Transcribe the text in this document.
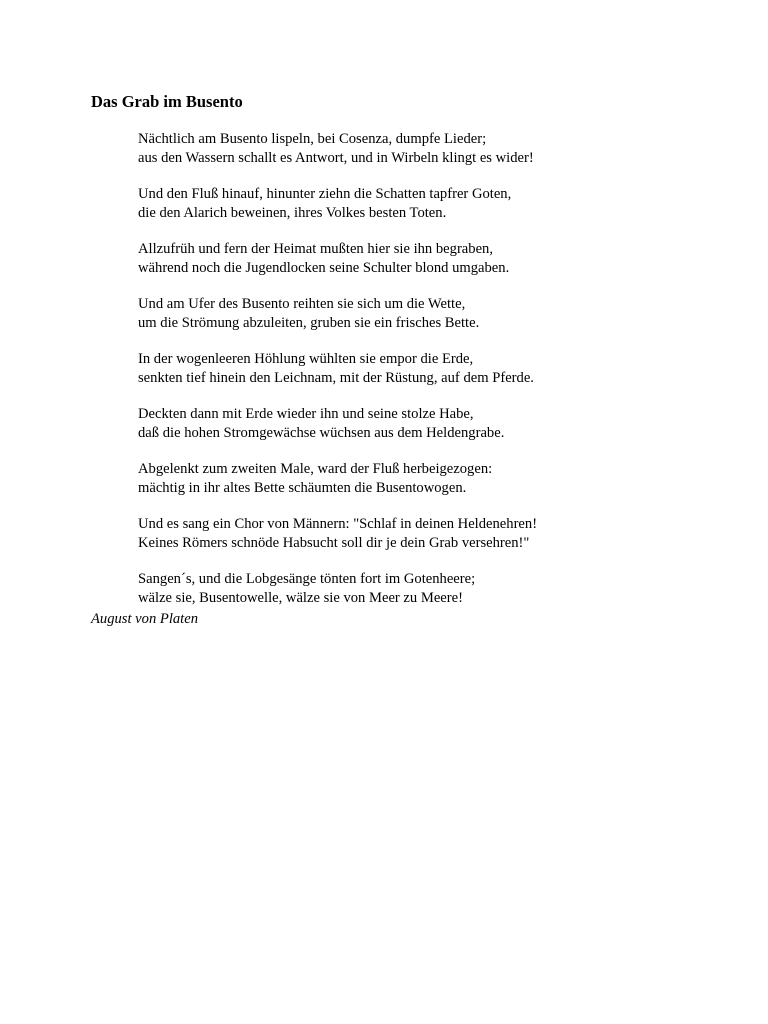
Das Grab im Busento
Nächtlich am Busento lispeln, bei Cosenza, dumpfe Lieder;
aus den Wassern schallt es Antwort, und in Wirbeln klingt es wider!
Und den Fluß hinauf, hinunter ziehn die Schatten tapfrer Goten,
die den Alarich beweinen, ihres Volkes besten Toten.
Allzufrüh und fern der Heimat mußten hier sie ihn begraben,
während noch die Jugendlocken seine Schulter blond umgaben.
Und am Ufer des Busento reihten sie sich um die Wette,
um die Strömung abzuleiten, gruben sie ein frisches Bette.
In der wogenleeren Höhlung wühlten sie empor die Erde,
senkten tief hinein den Leichnam, mit der Rüstung, auf dem Pferde.
Deckten dann mit Erde wieder ihn und seine stolze Habe,
daß die hohen Stromgewächse wüchsen aus dem Heldengrabe.
Abgelenkt zum zweiten Male, ward der Fluß herbeigezogen:
mächtig in ihr altes Bette schäumten die Busentowogen.
Und es sang ein Chor von Männern: "Schlaf in deinen Heldenehren!
Keines Römers schnöde Habsucht soll dir je dein Grab versehren!"
Sangen´s, und die Lobgesänge tönten fort im Gotenheere;
wälze sie, Busentowelle, wälze sie von Meer zu Meere!
August von Platen
